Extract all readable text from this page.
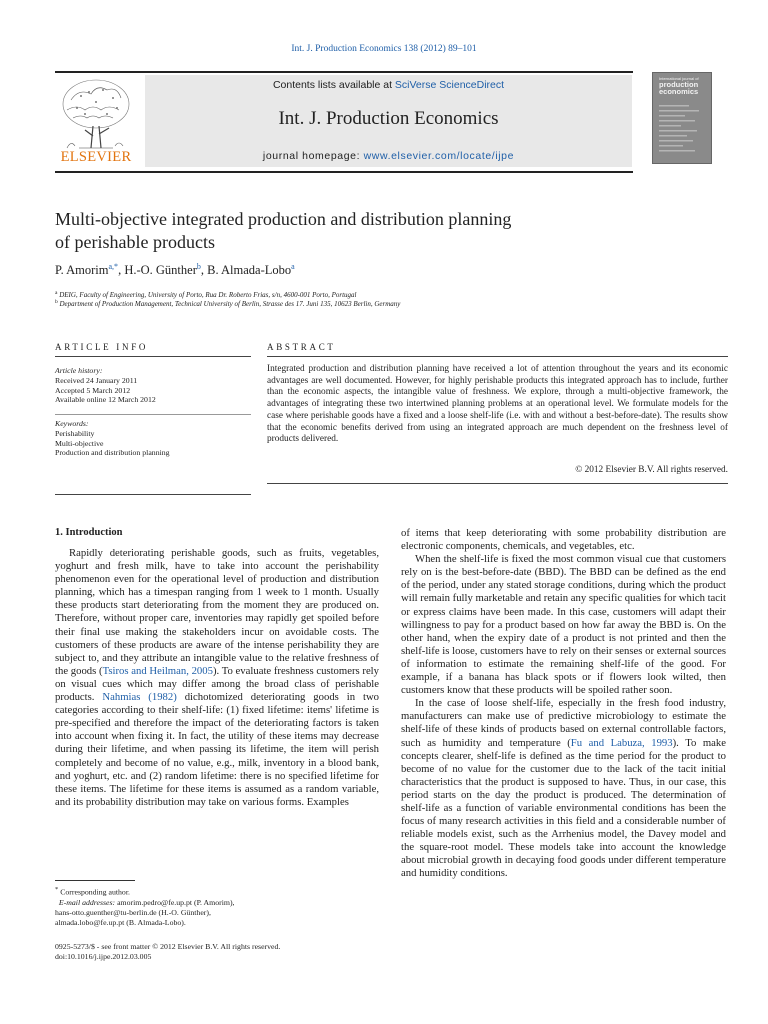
Int. J. Production Economics 138 (2012) 89–101
ELSEVIER
Contents lists available at SciVerse ScienceDirect
Int. J. Production Economics
journal homepage: www.elsevier.com/locate/ijpe
International journal of
production economics
Multi-objective integrated production and distribution planning
of perishable products
P. Amorim$^{a,*}$, H.-O. Günther$^b$, B. Almada-Lobo$^a$
$^a$ DEIG, Faculty of Engineering, University of Porto, Rua Dr. Roberto Frias, s/n, 4600-001 Porto, Portugal
$^b$ Department of Production Management, Technical University of Berlin, Strasse des 17. Juni 135, 10623 Berlin, Germany
ARTICLE INFO
Article history:
Received 24 January 2011
Accepted 5 March 2012
Available online 12 March 2012
Keywords:
Perishability
Multi-objective
Production and distribution planning
ABSTRACT
Integrated production and distribution planning have received a lot of attention throughout the years and its economic advantages are well documented. However, for highly perishable products this integrated approach has to include, further than the economic aspects, the intangible value of freshness. We explore, through a multi-objective framework, the advantages of integrating these two intertwined planning problems at an operational level. We formulate models for the case where perishable goods have a fixed and a loose shelf-life (i.e. with and without a best-before-date). The results show that the economic benefits derived from using an integrated approach are much dependent on the freshness level of products delivered.
© 2012 Elsevier B.V. All rights reserved.
1. Introduction

Rapidly deteriorating perishable goods, such as fruits, vegetables, yoghurt and fresh milk, have to take into account the perishability phenomenon even for the operational level of production and distribution planning, which has a timespan ranging from 1 week to 1 month. Usually these products start deteriorating from the moment they are produced on. Therefore, without proper care, inventories may rapidly get spoiled before their final use making the stakeholders incur on avoidable costs. The customers of these products are aware of the intense perishability they are subject to, and they attribute an intangible value to the relative freshness of the goods (Tsiros and Heilman, 2005). To evaluate freshness customers rely on visual cues which may differ among the broad class of perishable products. Nahmias (1982) dichotomized deteriorating goods in two categories according to their shelf-life: (1) fixed lifetime: items' lifetime is pre-specified and therefore the impact of the deteriorating factors is taken into account when fixing it. In fact, the utility of these items may decrease during their lifetime, and when passing its lifetime, the item will perish completely and become of no value, e.g., milk, inventory in a blood bank, and yoghurt, etc. and (2) random lifetime: there is no specified lifetime for these items. The lifetime for these items is assumed as a random variable, and its probability distribution may take on various forms. Examples

of items that keep deteriorating with some probability distribution are electronic components, chemicals, and vegetables, etc.

When the shelf-life is fixed the most common visual cue that customers rely on is the best-before-date (BBD). The BBD can be defined as the end of the period, under any stated storage conditions, during which the product will remain fully marketable and retain any specific qualities for which tacit or express claims have been made. In this case, customers will adapt their willingness to pay for a product based on how far away the BBD is. On the other hand, when the expiry date of a product is not printed and then the shelf-life is loose, customers have to rely on their senses or external sources of information to estimate the remaining shelf-life of the good. For example, if a banana has black spots or if flowers look wilted, then customers know that these products will be spoiled rather soon.

In the case of loose shelf-life, especially in the fresh food industry, manufacturers can make use of predictive microbiology to estimate the shelf-life of these kinds of products based on external controllable factors, such as humidity and temperature (Fu and Labuza, 1993). To make concepts clearer, shelf-life is defined as the time period for the product to become of no value for the customer due to the lack of the tacit initial characteristics that the product is supposed to have. Thus, in our case, this period starts on the day the product is produced. The determination of shelf-life as a function of variable environmental conditions has been the focus of many research activities in this field and a considerable number of reliable models exist, such as the Arrhenius model, the Davey model and the square-root model. These models take into account the knowledge about microbial growth in decaying food goods under different temperature and humidity conditions.

* Corresponding author.
E-mail addresses: amorim.pedro@fe.up.pt (P. Amorim),
hans-otto.guenther@tu-berlin.de (H.-O. Günther),
almada.lobo@fe.up.pt (B. Almada-Lobo).
0925-5273/$ - see front matter © 2012 Elsevier B.V. All rights reserved.
doi:10.1016/j.ijpe.2012.03.005
